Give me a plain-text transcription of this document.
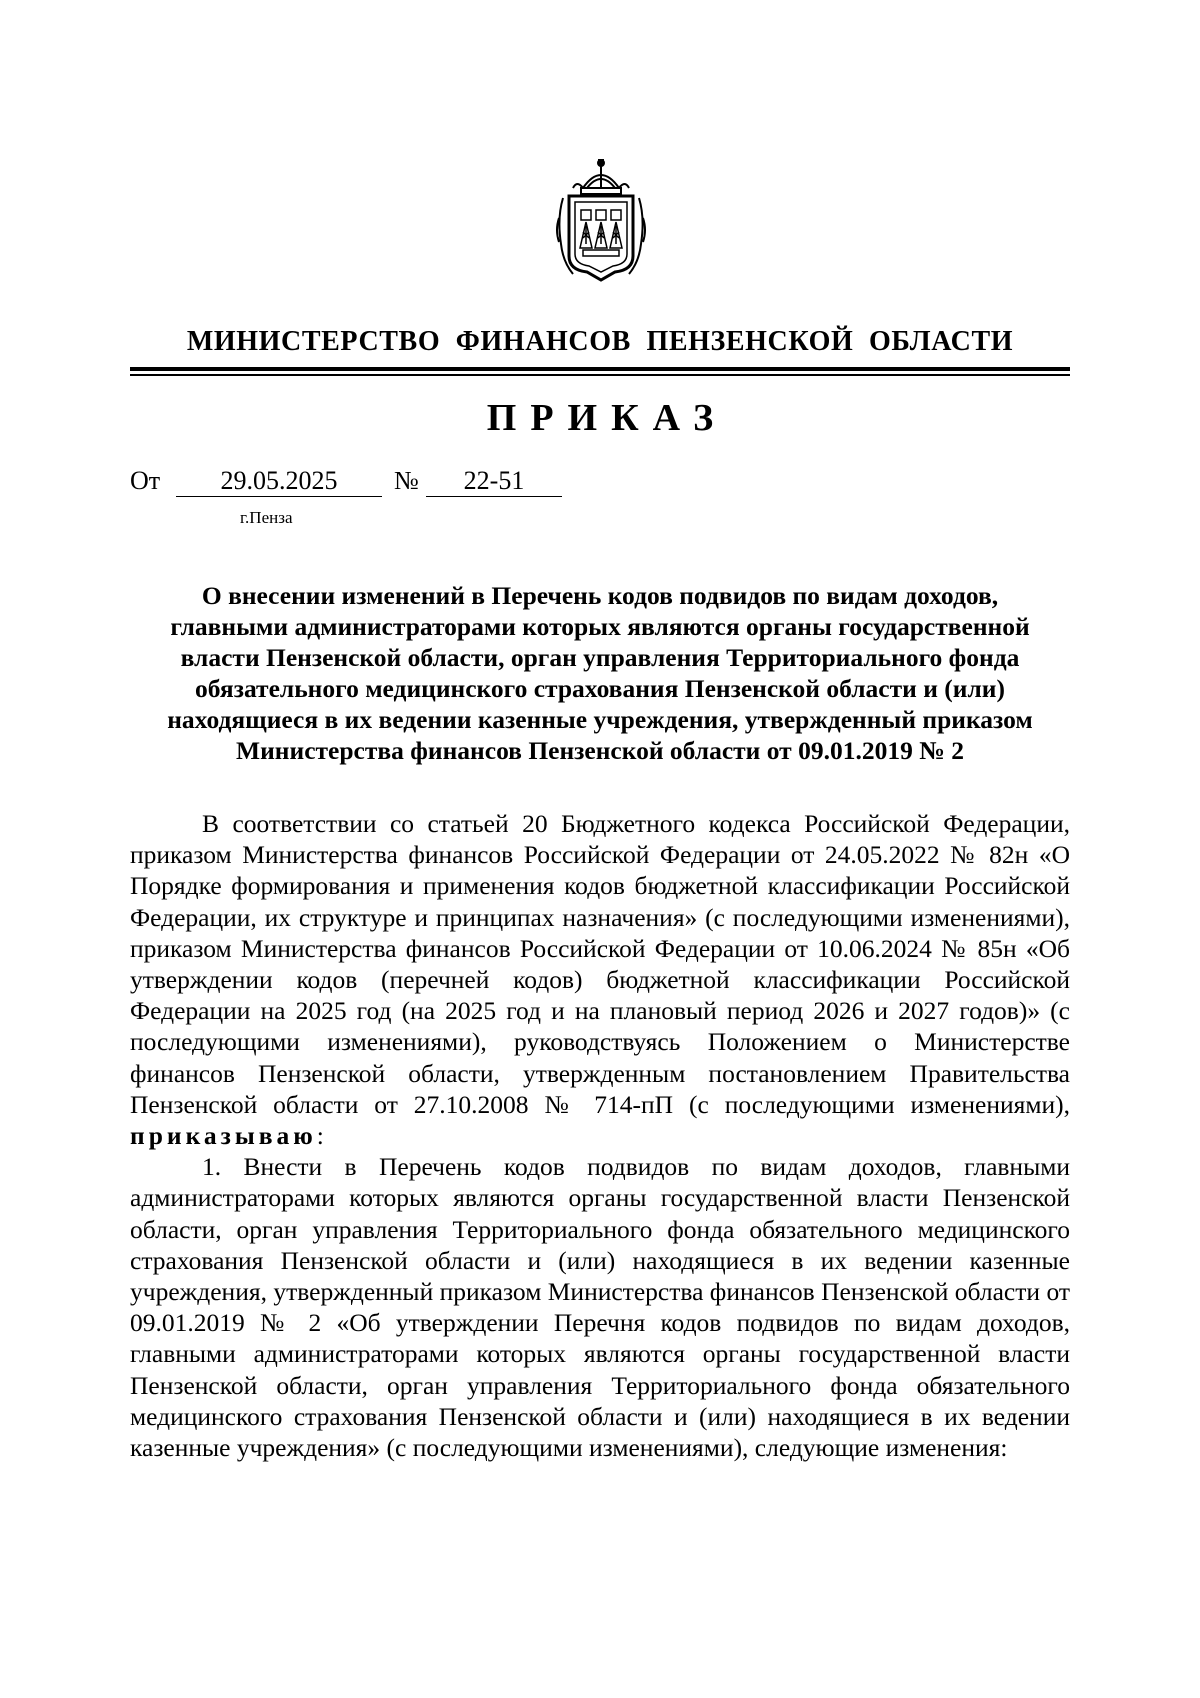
МИНИСТЕРСТВО ФИНАНСОВ ПЕНЗЕНСКОЙ ОБЛАСТИ
ПРИКАЗ
От	29.05.2025	№	22-51
г.Пенза
О внесении изменений в Перечень кодов подвидов по видам доходов,
главными администраторами которых являются органы государственной
власти Пензенской области, орган управления Территориального фонда
обязательного медицинского страхования Пензенской области и (или)
находящиеся в их ведении казенные учреждения, утвержденный приказом
Министерства финансов Пензенской области от 09.01.2019 № 2

В соответствии со статьей 20 Бюджетного кодекса Российской Федерации, приказом Министерства финансов Российской Федерации от 24.05.2022 № 82н «О Порядке формирования и применения кодов бюджетной классификации Российской Федерации, их структуре и принципах назначения» (с последующими изменениями), приказом Министерства финансов Российской Федерации от 10.06.2024 № 85н «Об утверждении кодов (перечней кодов) бюджетной классификации Российской Федерации на 2025 год (на 2025 год и на плановый период 2026 и 2027 годов)» (с последующими изменениями), руководствуясь Положением о Министерстве финансов Пензенской области, утвержденным постановлением Правительства Пензенской области от 27.10.2008 № 714-пП (с последующими изменениями), приказываю:

1. Внести в Перечень кодов подвидов по видам доходов, главными администраторами которых являются органы государственной власти Пензенской области, орган управления Территориального фонда обязательного медицинского страхования Пензенской области и (или) находящиеся в их ведении казенные учреждения, утвержденный приказом Министерства финансов Пензенской области от 09.01.2019 № 2 «Об утверждении Перечня кодов подвидов по видам доходов, главными администраторами которых являются органы государственной власти Пензенской области, орган управления Территориального фонда обязательного медицинского страхования Пензенской области и (или) находящиеся в их ведении казенные учреждения» (с последующими изменениями), следующие изменения:
